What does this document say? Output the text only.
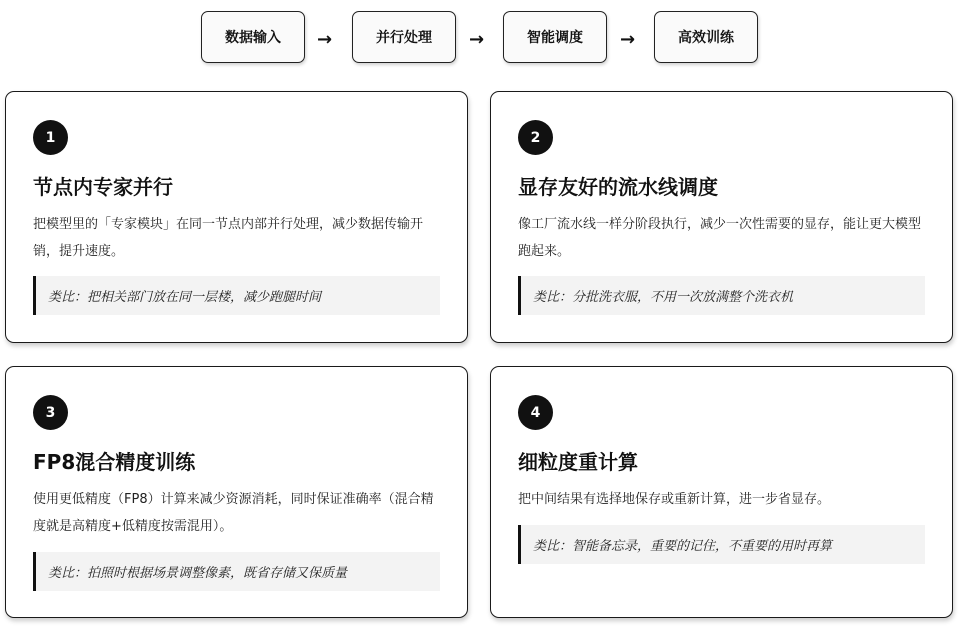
数据输入	→	并行处理	→	智能调度	→	高效训练
1
节点内专家并行
把模型里的「专家模块」在同一节点内部并行处理，减少数据传输开销，提升速度。
类比：把相关部门放在同一层楼，减少跑腿时间
2
显存友好的流水线调度
像工厂流水线一样分阶段执行，减少一次性需要的显存，能让更大模型跑起来。
类比：分批洗衣服，不用一次放满整个洗衣机
3
FP8混合精度训练
使用更低精度（FP8）计算来减少资源消耗，同时保证准确率（混合精度就是高精度+低精度按需混用）。
类比：拍照时根据场景调整像素，既省存储又保质量
4
细粒度重计算
把中间结果有选择地保存或重新计算，进一步省显存。
类比：智能备忘录，重要的记住，不重要的用时再算
